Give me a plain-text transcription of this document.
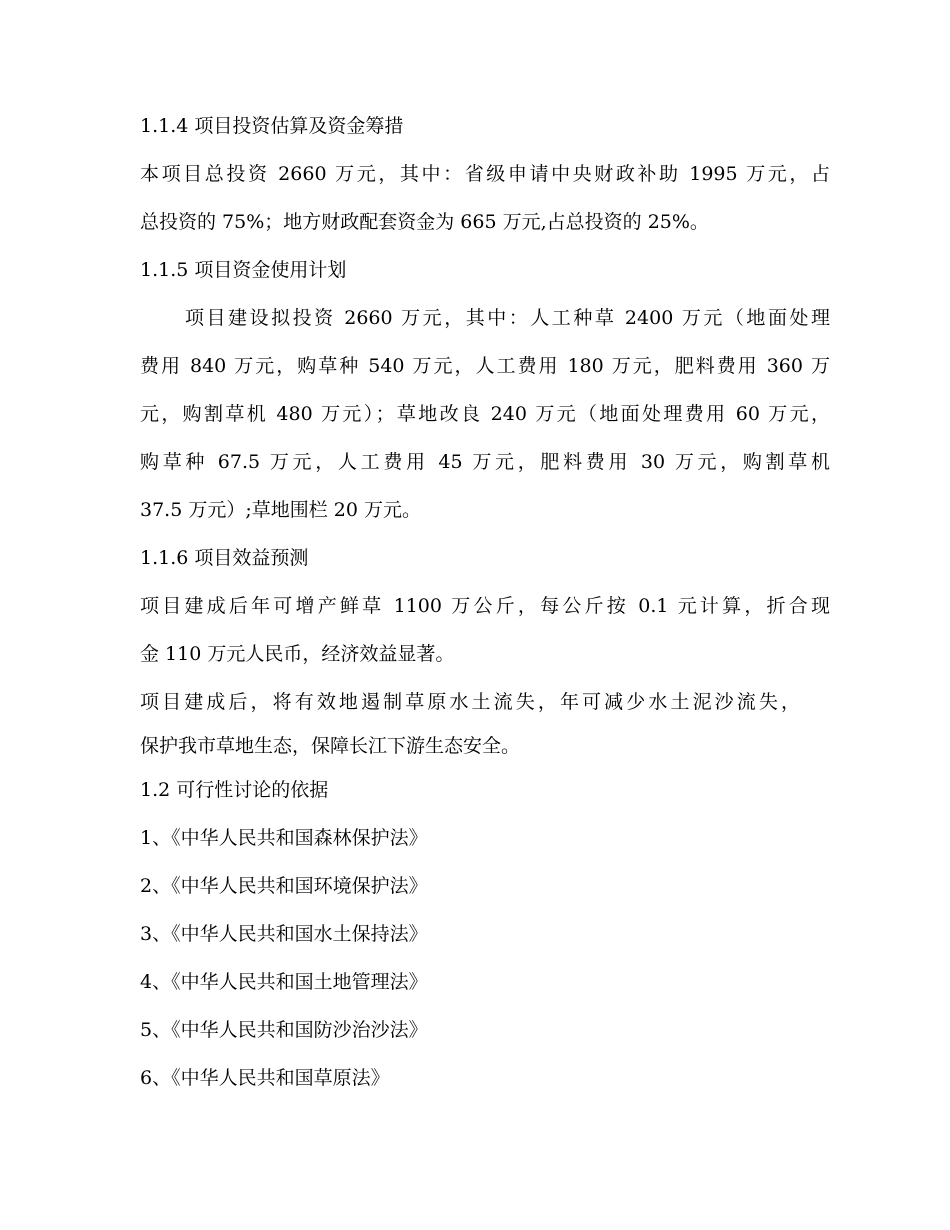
1.1.4 项目投资估算及资金筹措
本项目总投资 2660 万元，其中：省级申请中央财政补助 1995 万元，占
总投资的 75%；地方财政配套资金为 665 万元,占总投资的 25%。
1.1.5 项目资金使用计划
项目建设拟投资 2660 万元，其中：人工种草 2400 万元（地面处理
费用 840 万元，购草种 540 万元，人工费用 180 万元，肥料费用 360 万
元，购割草机 480 万元）；草地改良 240 万元（地面处理费用 60 万元，
购草种 67.5 万元，人工费用 45 万元，肥料费用 30 万元，购割草机
37.5 万元）;草地围栏 20 万元。
1.1.6 项目效益预测
项目建成后年可增产鲜草 1100 万公斤，每公斤按 0.1 元计算，折合现
金 110 万元人民币，经济效益显著。
项目建成后，将有效地遏制草原水土流失，年可减少水土泥沙流失，
保护我市草地生态，保障长江下游生态安全。
1.2 可行性讨论的依据
1、《中华人民共和国森林保护法》
2、《中华人民共和国环境保护法》
3、《中华人民共和国水土保持法》
4、《中华人民共和国土地管理法》
5、《中华人民共和国防沙治沙法》
6、《中华人民共和国草原法》
